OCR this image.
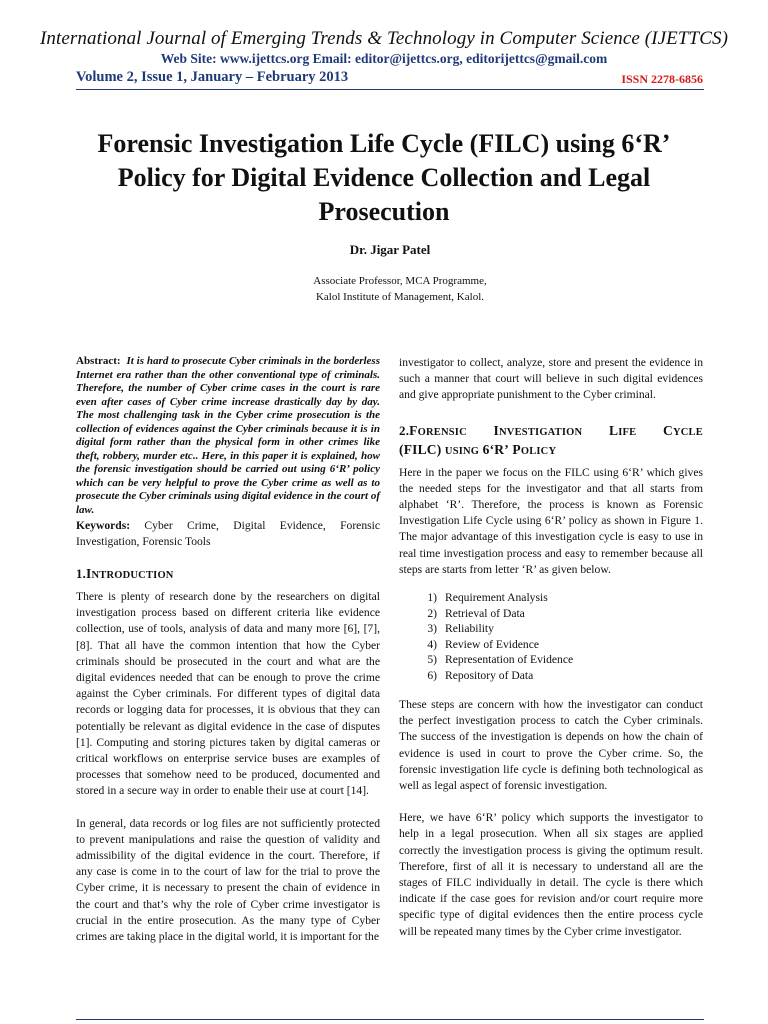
International Journal of Emerging Trends & Technology in Computer Science (IJETTCS)
Web Site: www.ijettcs.org Email: editor@ijettcs.org, editorijettcs@gmail.com
Volume 2, Issue 1, January – February 2013	ISSN 2278-6856
Forensic Investigation Life Cycle (FILC) using 6‘R’ Policy for Digital Evidence Collection and Legal Prosecution
Dr. Jigar Patel
Associate Professor, MCA Programme,
Kalol Institute of Management, Kalol.
Abstract: It is hard to prosecute Cyber criminals in the borderless Internet era rather than the other conventional type of criminals. Therefore, the number of Cyber crime cases in the court is rare even after cases of Cyber crime increase drastically day by day. The most challenging task in the Cyber crime prosecution is the collection of evidences against the Cyber criminals because it is in digital form rather than the physical form in other crimes like theft, robbery, murder etc.. Here, in this paper it is explained, how the forensic investigation should be carried out using 6‘R’ policy which can be very helpful to prove the Cyber crime as well as to prosecute the Cyber criminals using digital evidence in the court of law.
Keywords: Cyber Crime, Digital Evidence, Forensic Investigation, Forensic Tools
1.INTRODUCTION

There is plenty of research done by the researchers on digital investigation process based on different criteria like evidence collection, use of tools, analysis of data and many more [6], [7], [8]. That all have the common intention that how the Cyber criminals should be prosecuted in the court and what are the digital evidences needed that can be enough to prove the crime against the Cyber criminals. For different types of digital data records or logging data for processes, it is obvious that they can potentially be relevant as digital evidence in the case of disputes [1]. Computing and storing pictures taken by digital cameras or critical workflows on enterprise service buses are examples of processes that somehow need to be produced, documented and stored in a secure way in order to enable their use at court [14].

In general, data records or log files are not sufficiently protected to prevent manipulations and raise the question of validity and admissibility of the digital evidence in the court. Therefore, if any case is come in to the court of law for the trial to prove the Cyber crime, it is necessary to present the chain of evidence in the court and that’s why the role of Cyber crime investigator is crucial in the entire prosecution. As the many type of Cyber crimes are taking place in the digital world, it is important for the

investigator to collect, analyze, store and present the evidence in such a manner that court will believe in such digital evidences and give appropriate punishment to the Cyber criminal.

2.FORENSIC INVESTIGATION LIFE CYCLE
(FILC) USING 6‘R’ POLICY

Here in the paper we focus on the FILC using 6‘R’ which gives the needed steps for the investigator and that all starts from alphabet ‘R’. Therefore, the process is known as Forensic Investigation Life Cycle using 6‘R’ policy as shown in Figure 1. The major advantage of this investigation cycle is easy to use in real time investigation process and easy to remember because all steps are starts from letter ‘R’ as given below.

1) Requirement Analysis
2) Retrieval of Data
3) Reliability
4) Review of Evidence
5) Representation of Evidence
6) Repository of Data

These steps are concern with how the investigator can conduct the perfect investigation process to catch the Cyber criminals. The success of the investigation is depends on how the chain of evidence is used in court to prove the Cyber crime. So, the forensic investigation life cycle is defining both technological as well as legal aspect of forensic investigation.

Here, we have 6‘R’ policy which supports the investigator to help in a legal prosecution. When all six stages are applied correctly the investigation process is giving the optimum result. Therefore, first of all it is necessary to understand all are the stages of FILC individually in detail. The cycle is there which indicate if the case goes for revision and/or court require more specific type of digital evidences then the entire process cycle will be repeated many times by the Cyber crime investigator.
